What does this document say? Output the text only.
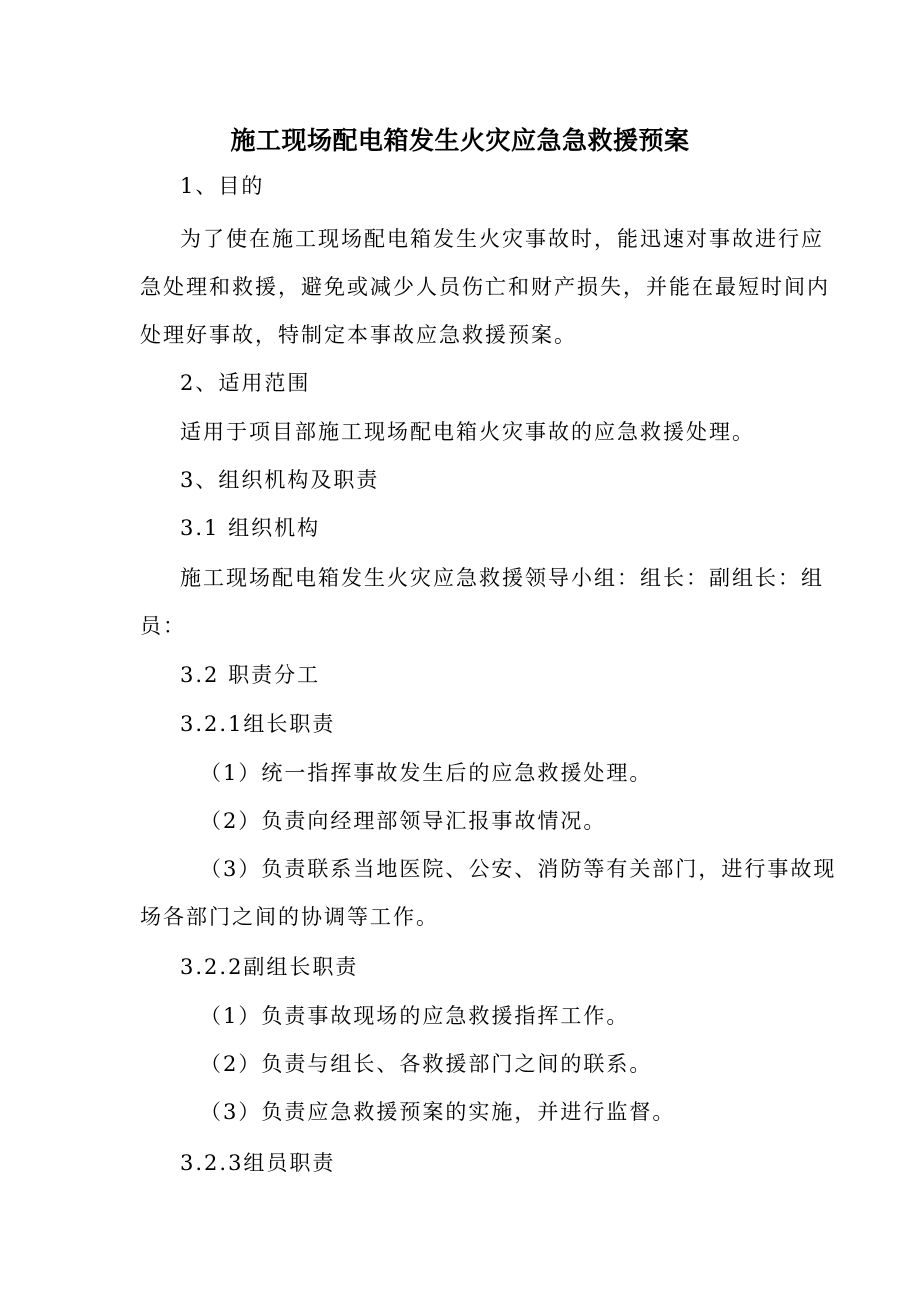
施工现场配电箱发生火灾应急急救援预案

1、目的

为了使在施工现场配电箱发生火灾事故时，能迅速对事故进行应

急处理和救援，避免或减少人员伤亡和财产损失，并能在最短时间内

处理好事故，特制定本事故应急救援预案。

2、适用范围

适用于项目部施工现场配电箱火灾事故的应急救援处理。

3、组织机构及职责

3.1 组织机构

施工现场配电箱发生火灾应急救援领导小组：组长：副组长：组

员：

3.2 职责分工

3.2.1组长职责

（1）统一指挥事故发生后的应急救援处理。

（2）负责向经理部领导汇报事故情况。

（3）负责联系当地医院、公安、消防等有关部门，进行事故现

场各部门之间的协调等工作。

3.2.2副组长职责

（1）负责事故现场的应急救援指挥工作。

（2）负责与组长、各救援部门之间的联系。

（3）负责应急救援预案的实施，并进行监督。

3.2.3组员职责
